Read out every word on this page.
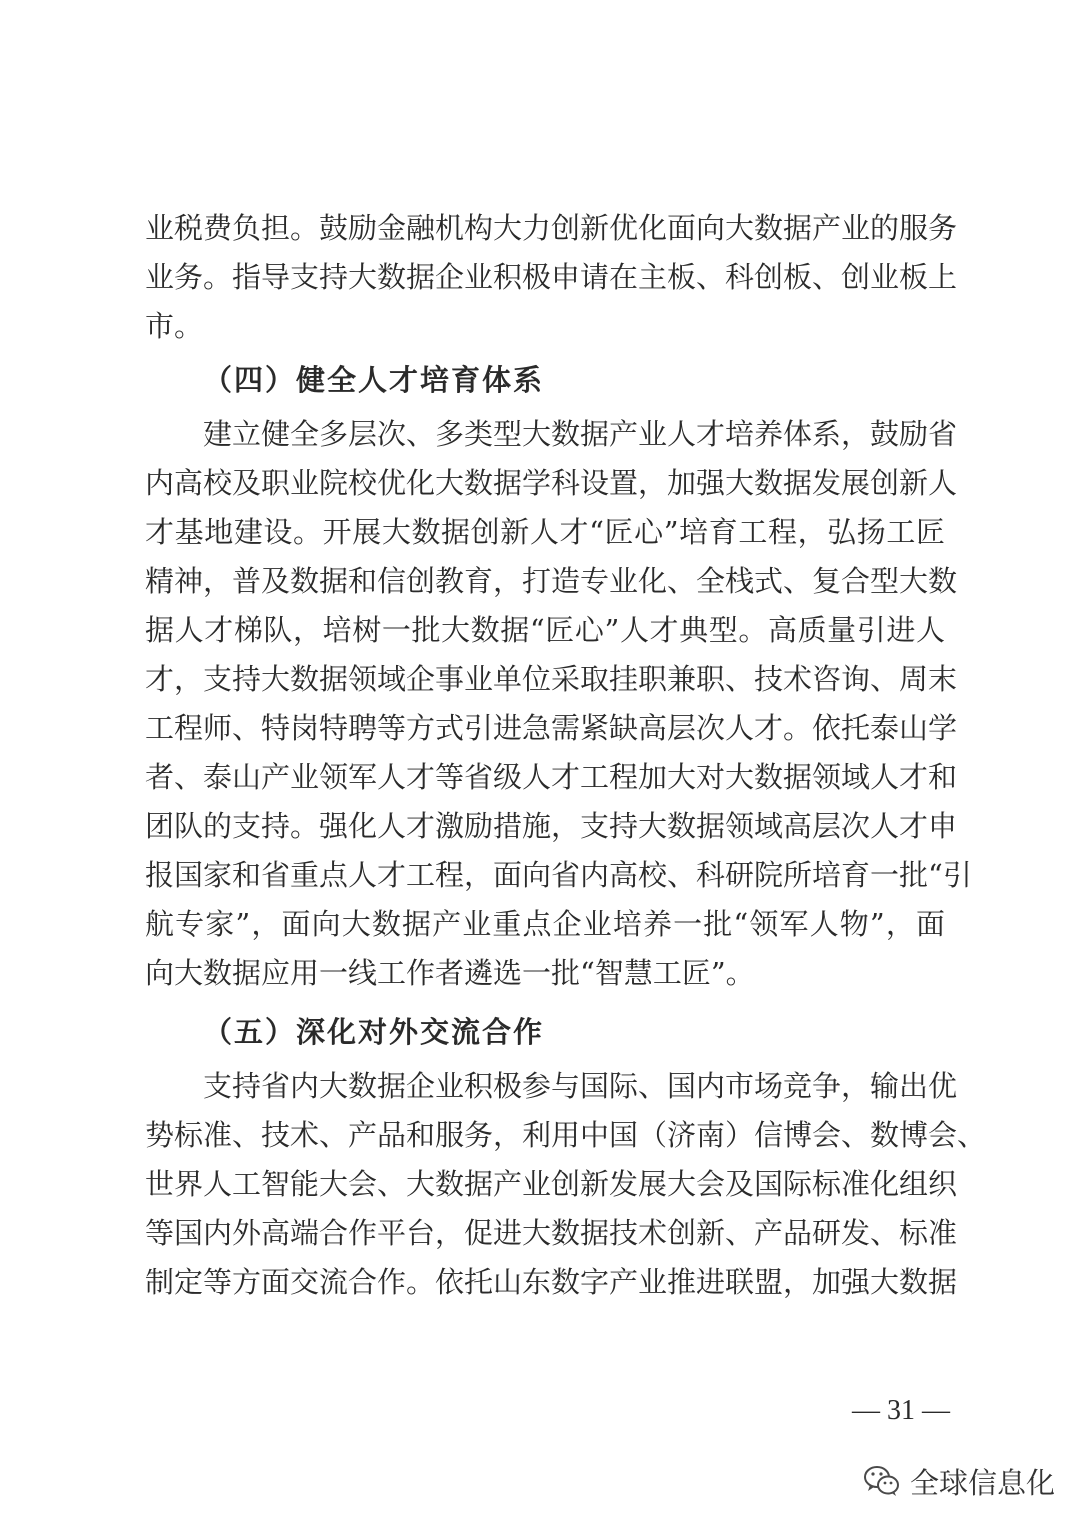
业税费负担。鼓励金融机构大力创新优化面向大数据产业的服务
业务。指导支持大数据企业积极申请在主板、科创板、创业板上
市。
（四）健全人才培育体系
建立健全多层次、多类型大数据产业人才培养体系，鼓励省
内高校及职业院校优化大数据学科设置，加强大数据发展创新人
才基地建设。开展大数据创新人才“匠心”培育工程，弘扬工匠
精神，普及数据和信创教育，打造专业化、全栈式、复合型大数
据人才梯队，培树一批大数据“匠心”人才典型。高质量引进人
才，支持大数据领域企事业单位采取挂职兼职、技术咨询、周末
工程师、特岗特聘等方式引进急需紧缺高层次人才。依托泰山学
者、泰山产业领军人才等省级人才工程加大对大数据领域人才和
团队的支持。强化人才激励措施，支持大数据领域高层次人才申
报国家和省重点人才工程，面向省内高校、科研院所培育一批“引
航专家”，面向大数据产业重点企业培养一批“领军人物”，面
向大数据应用一线工作者遴选一批“智慧工匠”。
（五）深化对外交流合作
支持省内大数据企业积极参与国际、国内市场竞争，输出优
势标准、技术、产品和服务，利用中国（济南）信博会、数博会、
世界人工智能大会、大数据产业创新发展大会及国际标准化组织
等国内外高端合作平台，促进大数据技术创新、产品研发、标准
制定等方面交流合作。依托山东数字产业推进联盟，加强大数据
— 31 —
全球信息化
